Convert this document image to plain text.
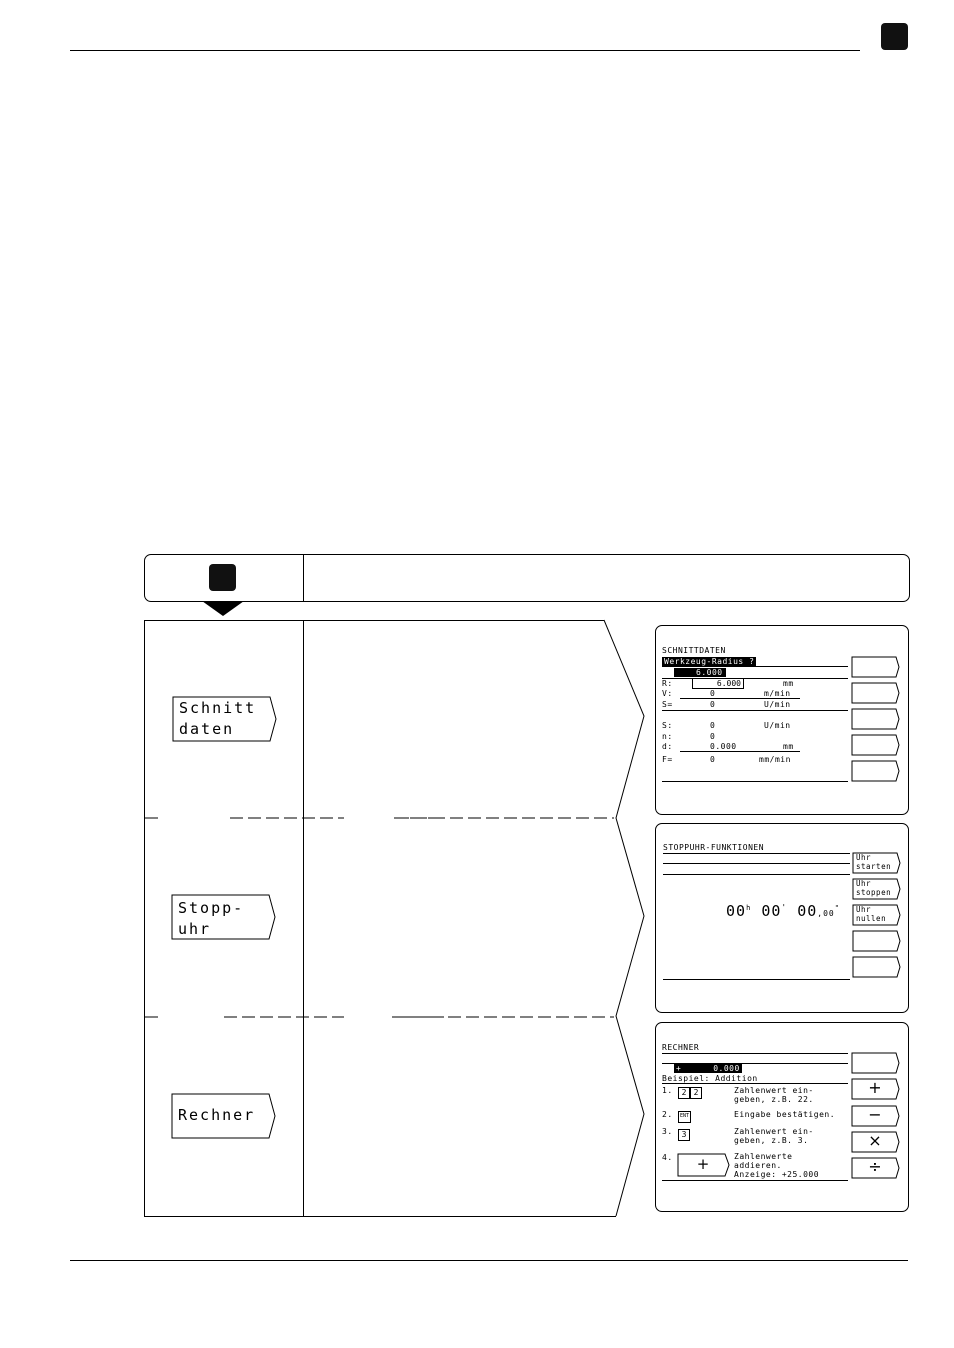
Schnitt
daten
Stopp-
uhr
Rechner
SCHNITTDATEN
Werkzeug-Radius ?
6.000
R:	6.000	mm
V:	0	m/min
S=	0	U/min
S:	0	U/min
n:	0
d:	0.000	mm
F=	0	mm/min
STOPPUHR-FUNKTIONEN
00$^h$ 00' 00,00"
Uhr
starten
Uhr
stoppen
Uhr
nullen
RECHNER
+      0.000
Beispiel: Addition
1.	2 2	Zahlenwert ein-
geben, z.B. 22.
2.	ENT	Eingabe bestätigen.
3.	3	Zahlenwert ein-
geben, z.B. 3.
4.	+	Zahlenwerte
addieren.
Anzeige: +25.000
+
−
×
÷
